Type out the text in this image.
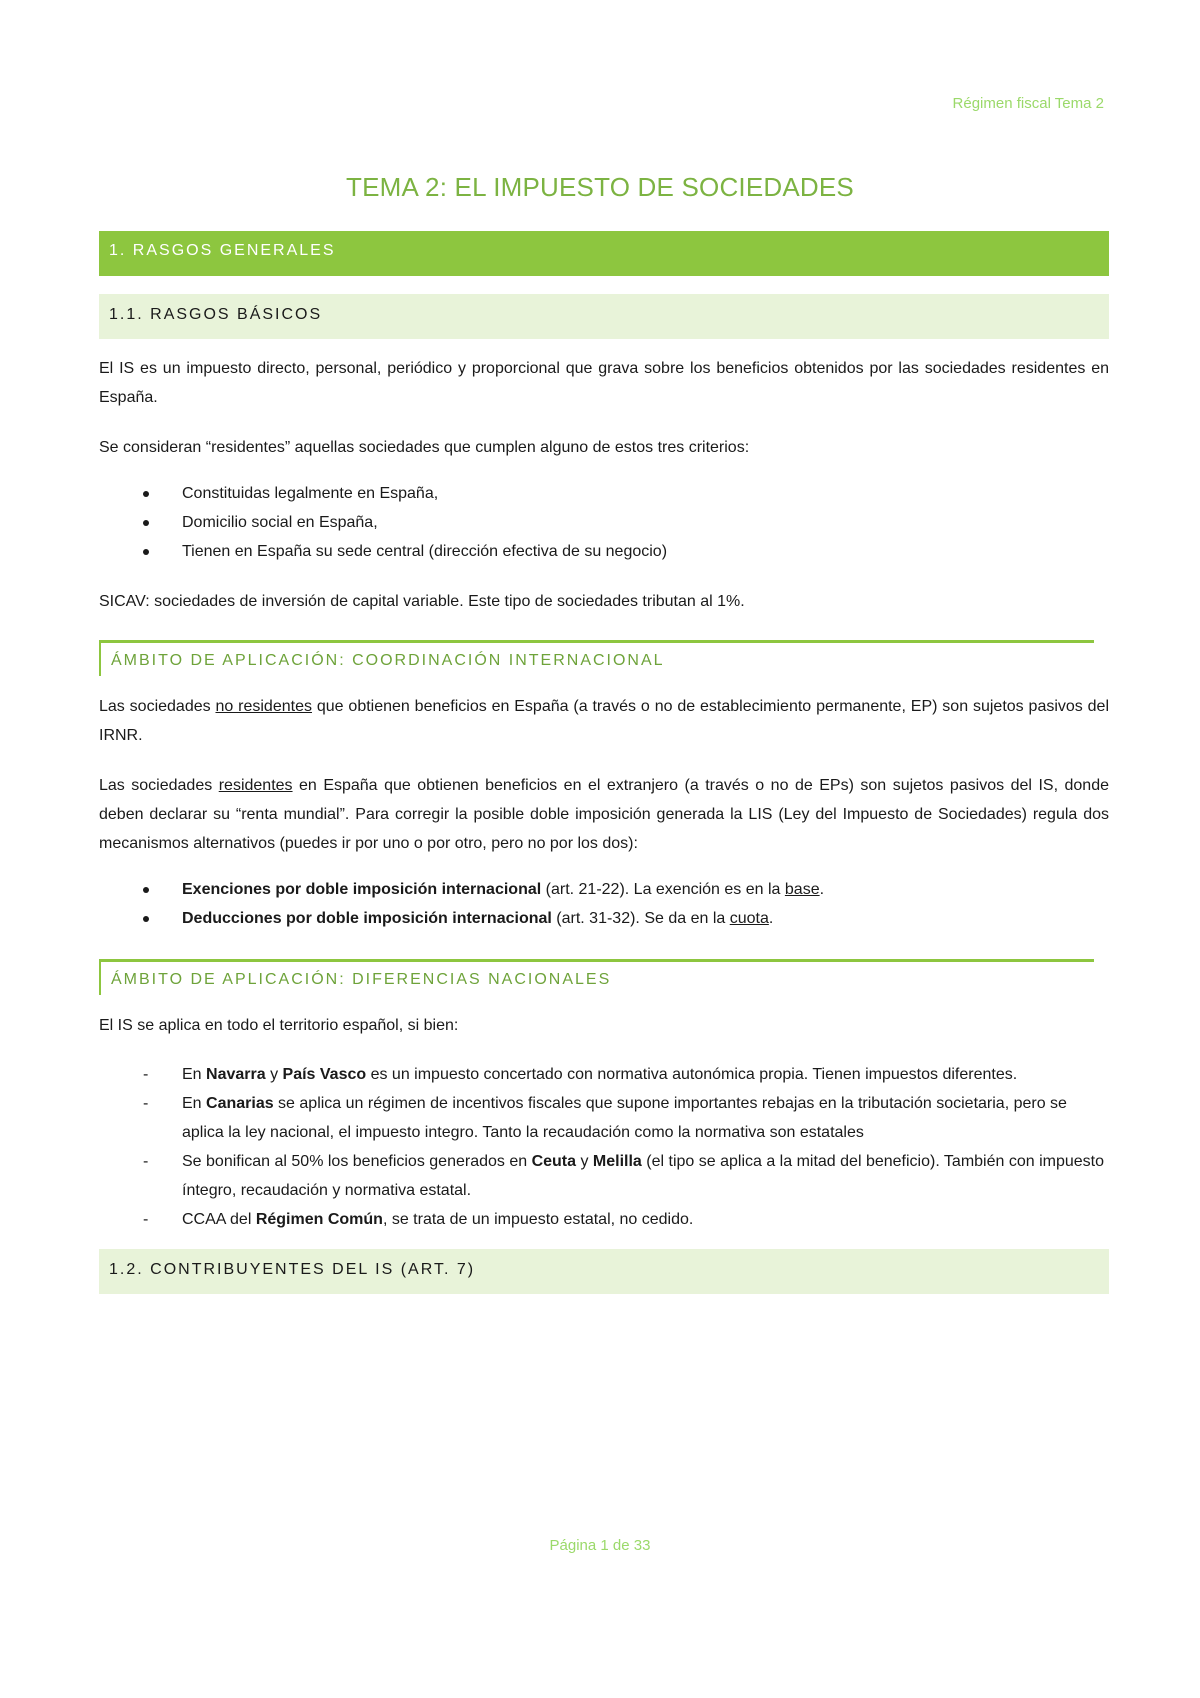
Régimen fiscal Tema 2
TEMA 2: EL IMPUESTO DE SOCIEDADES
1. RASGOS GENERALES
1.1. RASGOS BÁSICOS

El IS es un impuesto directo, personal, periódico y proporcional que grava sobre los beneficios obtenidos por las sociedades residentes en España.

Se consideran “residentes” aquellas sociedades que cumplen alguno de estos tres criterios:

Constituidas legalmente en España,
Domicilio social en España,
Tienen en España su sede central (dirección efectiva de su negocio)

SICAV: sociedades de inversión de capital variable. Este tipo de sociedades tributan al 1%.

ÁMBITO DE APLICACIÓN: COORDINACIÓN INTERNACIONAL

Las sociedades no residentes que obtienen beneficios en España (a través o no de establecimiento permanente, EP) son sujetos pasivos del IRNR.

Las sociedades residentes en España que obtienen beneficios en el extranjero (a través o no de EPs) son sujetos pasivos del IS, donde deben declarar su “renta mundial”. Para corregir la posible doble imposición generada la LIS (Ley del Impuesto de Sociedades) regula dos mecanismos alternativos (puedes ir por uno o por otro, pero no por los dos):

Exenciones por doble imposición internacional (art. 21-22). La exención es en la base.
Deducciones por doble imposición internacional (art. 31-32). Se da en la cuota.
ÁMBITO DE APLICACIÓN: DIFERENCIAS NACIONALES

El IS se aplica en todo el territorio español, si bien:

- En Navarra y País Vasco es un impuesto concertado con normativa autonómica propia. Tienen impuestos diferentes.
- En Canarias se aplica un régimen de incentivos fiscales que supone importantes rebajas en la tributación societaria, pero se aplica la ley nacional, el impuesto integro. Tanto la recaudación como la normativa son estatales
- Se bonifican al 50% los beneficios generados en Ceuta y Melilla (el tipo se aplica a la mitad del beneficio). También con impuesto íntegro, recaudación y normativa estatal.
- CCAA del Régimen Común, se trata de un impuesto estatal, no cedido.
1.2. CONTRIBUYENTES DEL IS (ART. 7)
Página 1 de 33
